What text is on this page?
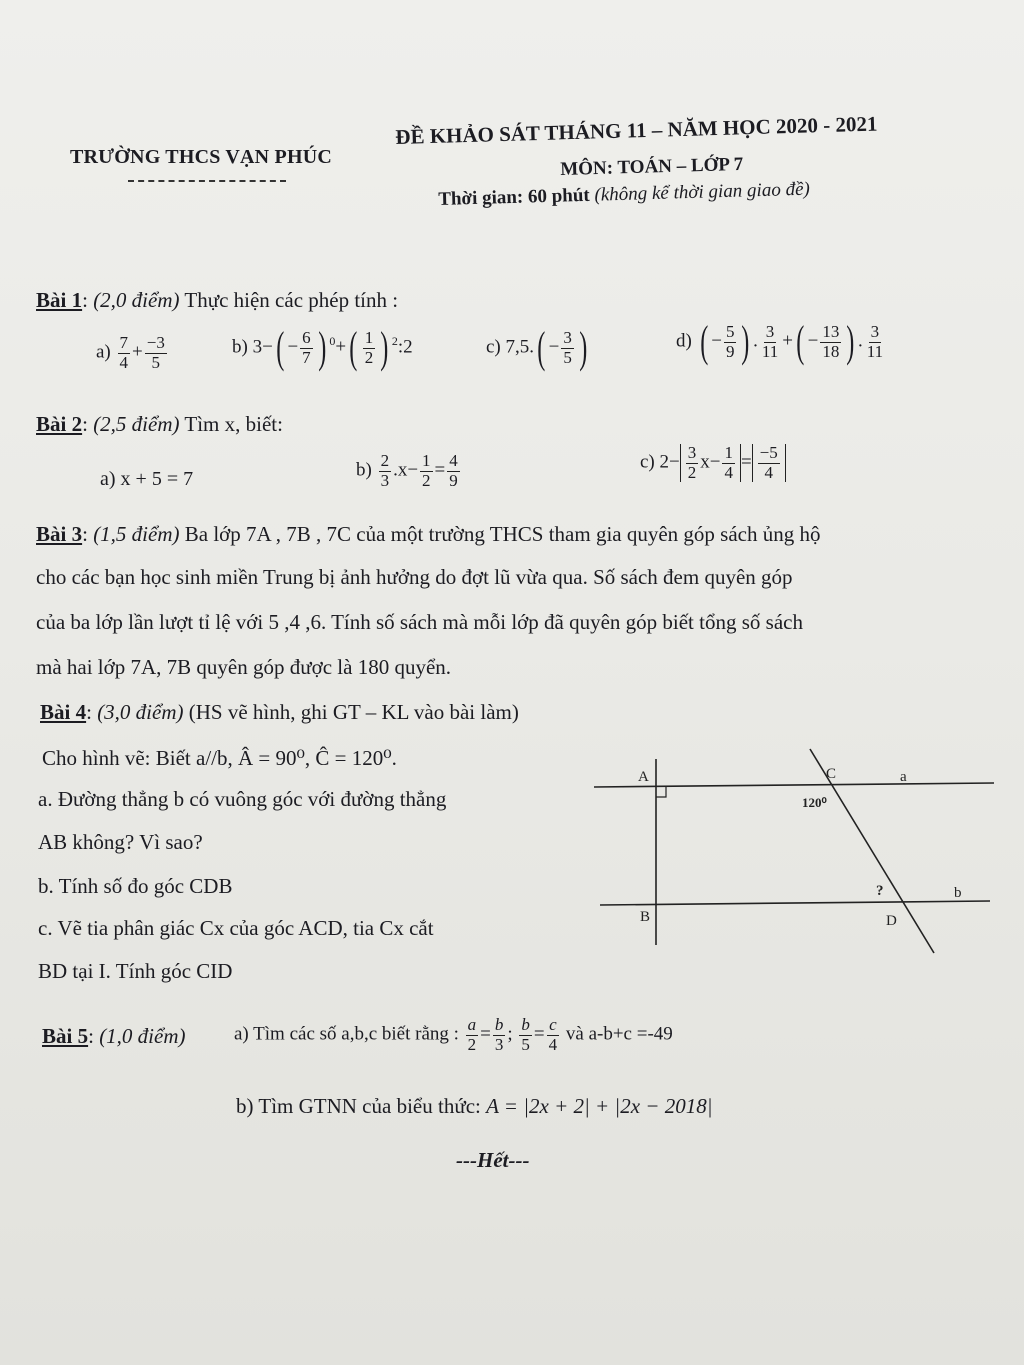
TRƯỜNG THCS VẠN PHÚC
ĐỀ KHẢO SÁT THÁNG 11 – NĂM HỌC 2020 - 2021
MÔN: TOÁN – LỚP 7
Thời gian: 60 phút (không kể thời gian giao đề)
Bài 1: (2,0 điểm) Thực hiện các phép tính :
$a) \frac{7}{4} + \frac{-3}{5}$	b) $3-( - \frac{6}{7}$ ) $^0+( \frac{1}{2}$ ) $^2$:2	c) $7,5.( - \frac{3}{5}$ )	d) ( − $\frac{5}{9}$ ) . $\frac{3}{11}$ +( − $\frac{13}{18}$ ) . $\frac{3}{11}$
Bài 2: (2,5 điểm) Tìm x, biết:
a) x + 5 = 7	$b) \frac{2}{3} .x- \frac{1}{2} = \frac{4}{9}$	c) $2- \frac{3}{2} x- \frac{1}{4} = \frac{-5}{4}$
Bài 3: (1,5 điểm) Ba lớp 7A , 7B , 7C của một trường THCS tham gia quyên góp sách ủng hộ
cho các bạn học sinh miền Trung bị ảnh hưởng do đợt lũ vừa qua. Số sách đem quyên góp
của ba lớp lần lượt tỉ lệ với 5 ,4 ,6. Tính số sách mà mỗi lớp đã quyên góp biết tổng số sách
mà hai lớp 7A, 7B quyên góp được là 180 quyển.
Bài 4: (3,0 điểm) (HS vẽ hình, ghi GT – KL vào bài làm)
Cho hình vẽ: Biết a//b, Â = 90⁰, Ĉ = 120⁰.
a. Đường thẳng b có vuông góc với đường thẳng
AB không? Vì sao?
b. Tính số đo góc CDB
c. Vẽ tia phân giác Cx của góc ACD, tia Cx cắt
BD tại I. Tính góc CID
A	C	a
120⁰
?	b
B	D
Bài 5: (1,0 điểm)	a) Tìm các số a,b,c biết rằng : $\frac{a}{2} = \frac{b}{3}$ ; $\frac{b}{5} = \frac{c}{4}$ và a-b+c =-49
b) Tìm GTNN của biểu thức: A = |2x + 2| + |2x − 2018|
---Hết---
